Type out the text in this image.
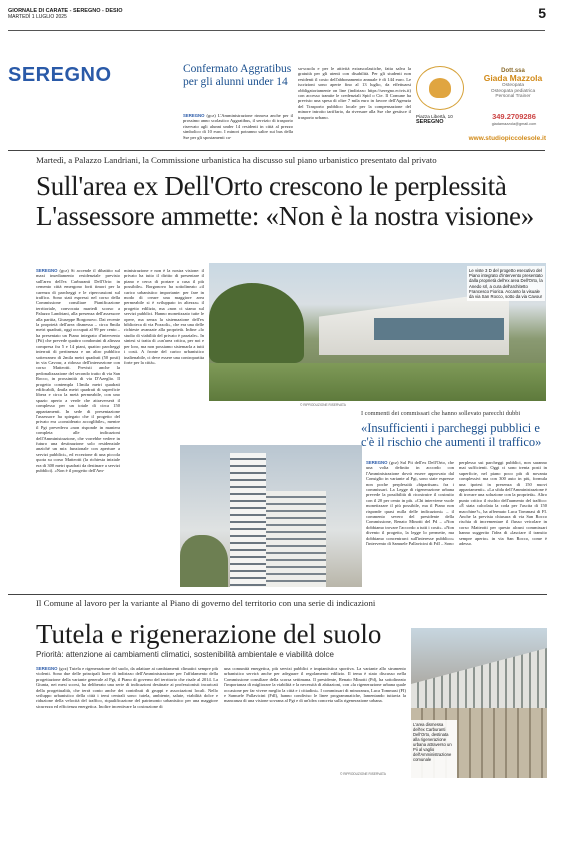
GIORNALE DI CARATE - SEREGNO - DESIO
MARTEDÌ 1 LUGLIO 2025	5
SEREGNO	Confermato Aggratibus per gli alunni under 14
SEREGNO (gcz) L'Amministrazione rinnova anche per il prossimo anno scolastico Aggratibus, il servizio di trasporto riservato agli alunni under 14 residenti in città al prezzo simbolico di 10 euro. I minori potranno salire sui bus della Sse per gli spostamenti ca-
sa-scuola e per le attività extrascolastiche, fatta salva la gratuità per gli utenti con disabilità. Per gli studenti non residenti il costo dell'abbonamento annuale è di 144 euro. Le iscrizioni sono aperte fino al 13 luglio, da effettuarsi obbligatoriamente on line (indirizzo https://seregno.ecivis.it) con accesso tramite le credenziali Spid o Cie. Il Comune ha previsto una spesa di oltre 7 mila euro in favore dell'Agenzia del Trasporto pubblico locale per la compensazione del minore introito tariffario, da riversare alla Sse che gestisce il trasporto urbano.	Piazza Libertà, 10
SEREGNO
Dott.ssa
Giada Mazzola
Osteopata
Osteopata pediatrica
Personal Trainer
349.2709286
giadamazzola@gmail.com
www.studiopiccolesole.it
Martedì, a Palazzo Landriani, la Commissione urbanistica ha discusso sul piano urbanistico presentato dal privato
Sull'area ex Dell'Orto crescono le perplessità
L'assessore ammette: «Non è la nostra visione»
SEREGNO (gcz) Si accende il dibattito sul maxi insediamento residenziale previsto sull'area dell'ex Carburanti Dell'Orto: in cemento città emergono forti timori per la carenza di parcheggi e le ripercussioni sul traffico. Sono stati espressi nel corso della Commissione consiliare Pianificazione territoriale, convocata martedì scorso a Palazzo Landriani, alla presenza dell'assessore alla partita, Giuseppe Borgonovo. Dai recente la proprietà dell'area dismessa – circa 8mila metri quadrati, oggi occupati al 99 per cento – ha presentato un Piano integrato d'intervento (Pii) che prevede quattro condomini di altezza compresa fra 5 e 14 piani, quattro parcheggi interrati di pertinenza e un altro pubblico sotterraneo di 2mila metri quadrati (50 posti) in via Cavour, a ridosso dell'intersezione con corso Matteotti. Previsti anche la pedonalizzazione del secondo tratto di via San Rocco, in prossimità di via D'Azeglio. Il progetto contempla 13mila metri quadrati edificabili, 4mila metri quadrati di superficie libera e circa la metà permeabile, con uno spazio aperto a verde che attraverserà il complesso per un totale di circa 150 appartamenti. In sede di presentazione l'assessore ha spiegato che il progetto del privato era «considerato accoglibile», mentre il Pgt prevedeva «non risponde in maniera completa alle indicazioni dell'Amministrazione, che vorrebbe vedere in futuro una destinazione solo residenziale anziché un mix funzionale con aperture a servizi pubblici», ed eccezione di una piccola quota su corso Matteotti (la richiesta iniziale era di 300 metri quadrati da destinare a servizi pubblici). «Non è il progetto dell'Am-
ministrazione e non è la nostra visione: il privato ha tutto il diritto di presentare il piano e cerca di portare a casa il più possibile». Borgonovo ha sottolineato «il carico urbanistico importante: per fare in modo di creare una maggiore area permeabile si è sviluppato in altezza» il progetto edilizio, ma «non ci siamo sul servizi pubblici. Hanno monetizzato tutte le opere, ma senza la sistemazione dell'ex biblioteca di via Pozzoli», che era una delle richieste avanzate alla proprietà. Infine «lo studio di viabilità del privato è parziale». In sintesi si tratta di «un'area critica, per noi e per loro, ma non possiamo sistemarla a tutti i costi. A fronte del carico urbanistico inalienabile, ci deve essere una contropartita forte per la città».
Le viste 3 D del progetto esecutivo del Piano integrato d'intervento presentato dalla proprietà dell'ex area Dell'Orto, la Anedo srl, a cura dell'architetto Francesco Fiorica. Accanto la visuale da via San Rocco, sotto da via Cavour
© RIPRODUZIONE RISERVATA
I commenti dei commissari che hanno sollevato parecchi dubbi
«Insufficienti i parcheggi pubblici e c'è il rischio che aumenti il traffico»
SEREGNO (gcz) Sul Pii dell'ex Dell'Orto, che una volta definito in accordo con l'Amministrazione dovrà essere approvato dal Consiglio in variante al Pgt, sono state espresse non poche perplessità «bipartisan» fra i commissari. La Legge di rigenerazione urbana prevede la possibilità di ricostruire il costruito con il 20 per cento in più. «Chi interviene vuole monetizzare il più possibile, ma il Piano non risponde quasi nulla delle indicazioni» – il commento severo del presidente della Commissione, Renato Minotti del Pd – «Non dobbiamo trovare l'accordo a tutti i costi». «Non divento il progetto, la legge lo permette, ma dobbiamo concentrarci sull'interesse pubblico» l'intervento di Samuele Pallavicini di FdI – Sono
perplesso sui parcheggi pubblici, non saranno mai sufficienti. Oggi ci sono trenta posti in superficie, nel piano poco più di novanta complessivi ma con 300 auto in più, formula una ipotesi in presenza di 150 nuovi appartamenti». «La sfida dell'Amministrazione è di trovare una soluzione con la proprietà». Altro punto critico il rischio dell'aumento del traffico: «È stata calcolata la coda per l'uscita di 150 macchine?», ha affermato Luca Tommasi di FI. Anche la prevista chiusura di via San Rocco rischia di incrementare il flusso veicolare in corso Matteotti per questo alcuni commissari hanno suggerito l'idea di «lasciare il transito sempre aperto» in via San Rocco, come è adesso.
Il Comune al lavoro per la variante al Piano di governo del territorio con una serie di indicazioni
Tutela e rigenerazione del suolo
Priorità: attenzione ai cambiamenti climatici, sostenibilità ambientale e viabilità dolce
SEREGNO (gcz) Tutela e rigenerazione del suolo, da adattare ai cambiamenti climatici sempre più violenti. Sono due delle principali linee di indirizzo dell'Amministrazione per l'affidamento della progettazione della variante generale al Pgt, il Piano di governo del territorio che risale al 2014. La Giunta, nei mesi scorsi, ha deliberato una serie di indicazioni destinate ai professionisti incaricati della progettualità, che terrà conto anche dei contributi di gruppi e associazioni locali. Nello sviluppo urbanistico della città i temi centrali sono: tutela, ambiente, salute, viabilità dolce e riduzione della velocità del traffico, riqualificazione del patrimonio urbanistico per una maggiore sicurezza ed efficienza energetica. Inoltre incentivare la costruzione di
una comunità energetica, più servizi pubblici e impiantistica sportiva. La variante allo strumento urbanistico servirà anche per adeguare il regolamento edilizio. Il tema è stato discusso nella Commissione consiliare della scorsa settimana. Il presidente, Renato Minotti (Pd), ha sottolineato l'importanza di migliorare la viabilità e la necessità di abitazioni, con «la rigenerazione urbana quale occasione per far vivere meglio la città e i cittadini». I commissari di minoranza, Luca Tommasi (FI) e Samuele Pallavicini (FdI), hanno condiviso le linee programmatiche, lamentando tuttavia la mancanza di una visione sovrana al Pgt e di un'idea concreta sulla rigenerazione urbana.
© RIPRODUZIONE RISERVATA
L'area dismessa dell'ex Carburanti Dell'Orto, destinata alla rigenerazione urbana attraverso un Pii al vaglio dell'Amministrazione comunale
